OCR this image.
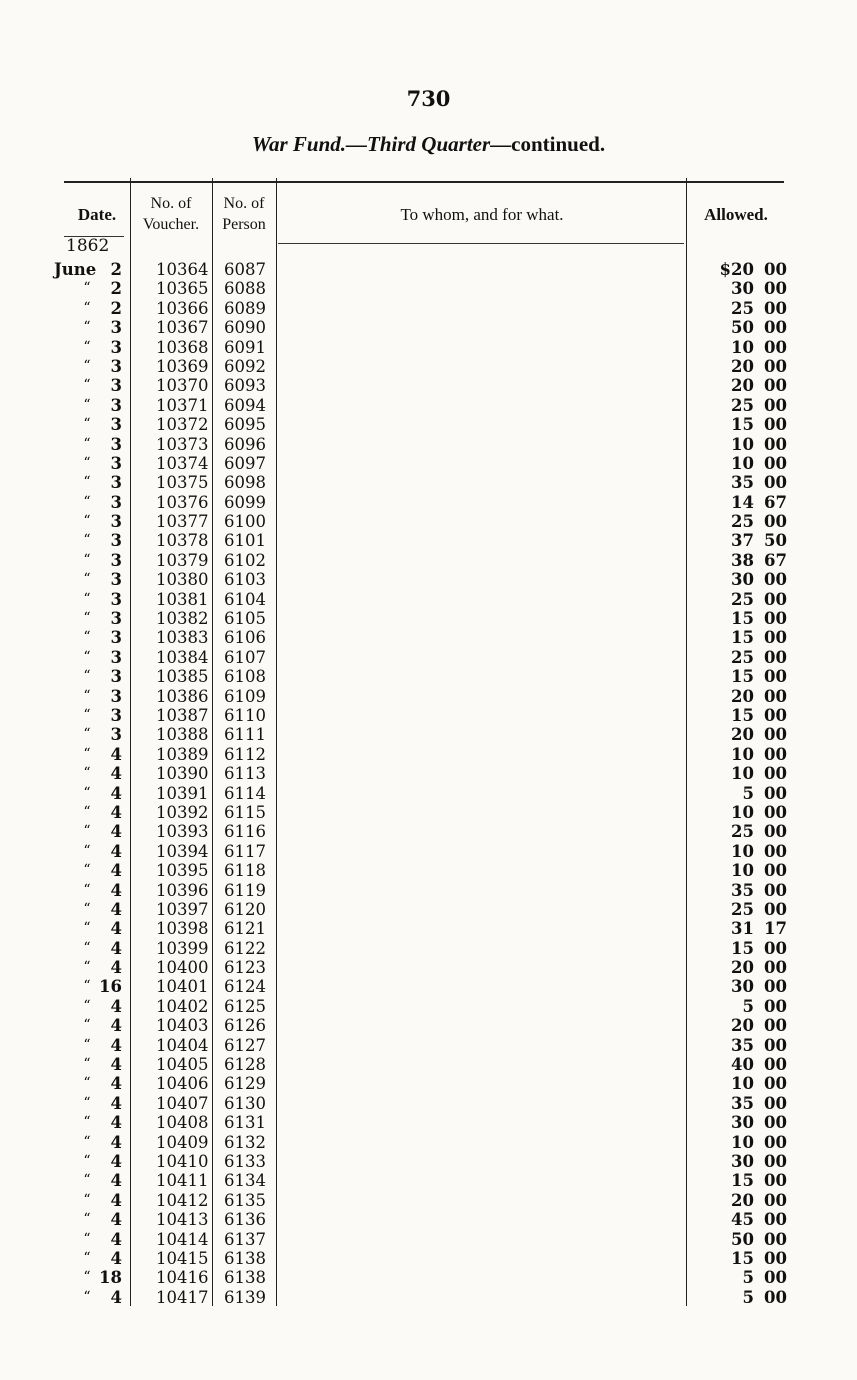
730
War Fund.—Third Quarter—continued.
Date.
No. of
Voucher.
No. of
Person
To whom, and for what.	Allowed.
1862
June 2 10364 6087	$20 00
“	2 10365 6088	30 00
“	2 10366 6089	25 00
“	3 10367 6090	50 00
“	3 10368 6091	10 00
“	3 10369 6092	20 00
“	3 10370 6093	20 00
“	3 10371 6094	25 00
“	3 10372 6095	15 00
“	3 10373 6096	10 00
“	3 10374 6097	10 00
“	3 10375 6098	35 00
“	3 10376 6099	14 67
“	3 10377 6100	25 00
“	3 10378 6101	37 50
“	3 10379 6102	38 67
“	3 10380 6103	30 00
“	3 10381 6104	25 00
“	3 10382 6105	15 00
“	3 10383 6106	15 00
“	3 10384 6107	25 00
“	3 10385 6108	15 00
“	3 10386 6109	20 00
“	3 10387 6110	15 00
“	3 10388 6111	20 00
“	4 10389 6112	10 00
“	4 10390 6113	10 00
“	4 10391 6114	5 00
“	4 10392 6115	10 00
“	4 10393 6116	25 00
“	4 10394 6117	10 00
“	4 10395 6118	10 00
“	4 10396 6119	35 00
“	4 10397 6120	25 00
“	4 10398 6121	31 17
“	4 10399 6122	15 00
“	4 10400 6123	20 00
“ 16 10401 6124	30 00
“	4 10402 6125	5 00
“	4 10403 6126	20 00
“	4 10404 6127	35 00
“	4 10405 6128	40 00
“	4 10406 6129	10 00
“	4 10407 6130	35 00
“	4 10408 6131	30 00
“	4 10409 6132	10 00
“	4 10410 6133	30 00
“	4 10411 6134	15 00
“	4 10412 6135	20 00
“	4 10413 6136	45 00
“	4 10414 6137	50 00
“	4 10415 6138	15 00
“ 18 10416 6138	5 00
“	4 10417 6139	5 00
